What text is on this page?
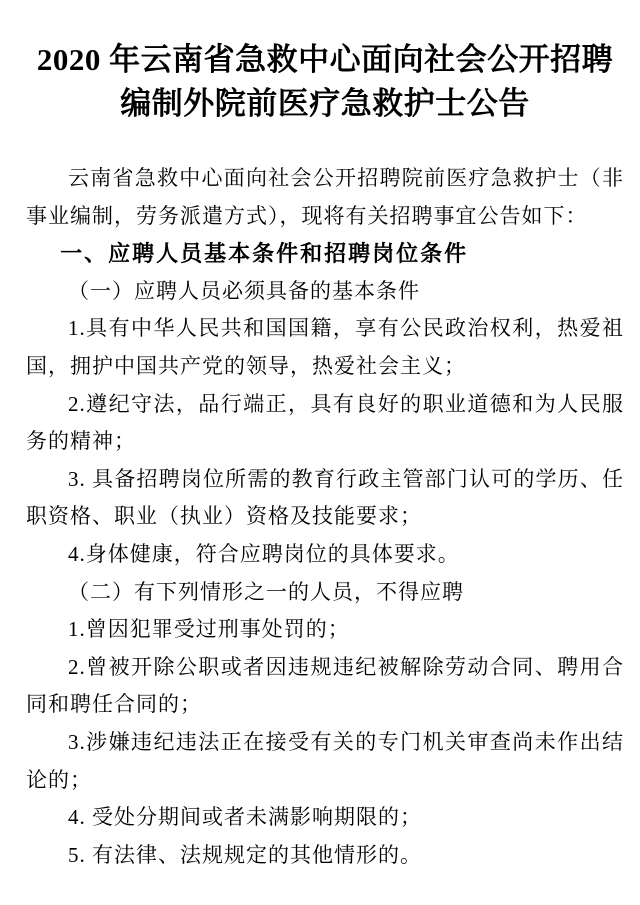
2020 年云南省急救中心面向社会公开招聘
编制外院前医疗急救护士公告

云南省急救中心面向社会公开招聘院前医疗急救护士（非事业编制，劳务派遣方式），现将有关招聘事宜公告如下：

一、应聘人员基本条件和招聘岗位条件

（一）应聘人员必须具备的基本条件

1.具有中华人民共和国国籍，享有公民政治权利，热爱祖国，拥护中国共产党的领导，热爱社会主义；

2.遵纪守法，品行端正，具有良好的职业道德和为人民服务的精神；

3. 具备招聘岗位所需的教育行政主管部门认可的学历、任职资格、职业（执业）资格及技能要求；

4.身体健康，符合应聘岗位的具体要求。

（二）有下列情形之一的人员，不得应聘

1.曾因犯罪受过刑事处罚的；

2.曾被开除公职或者因违规违纪被解除劳动合同、聘用合同和聘任合同的；

3.涉嫌违纪违法正在接受有关的专门机关审查尚未作出结论的；

4. 受处分期间或者未满影响期限的；

5. 有法律、法规规定的其他情形的。
